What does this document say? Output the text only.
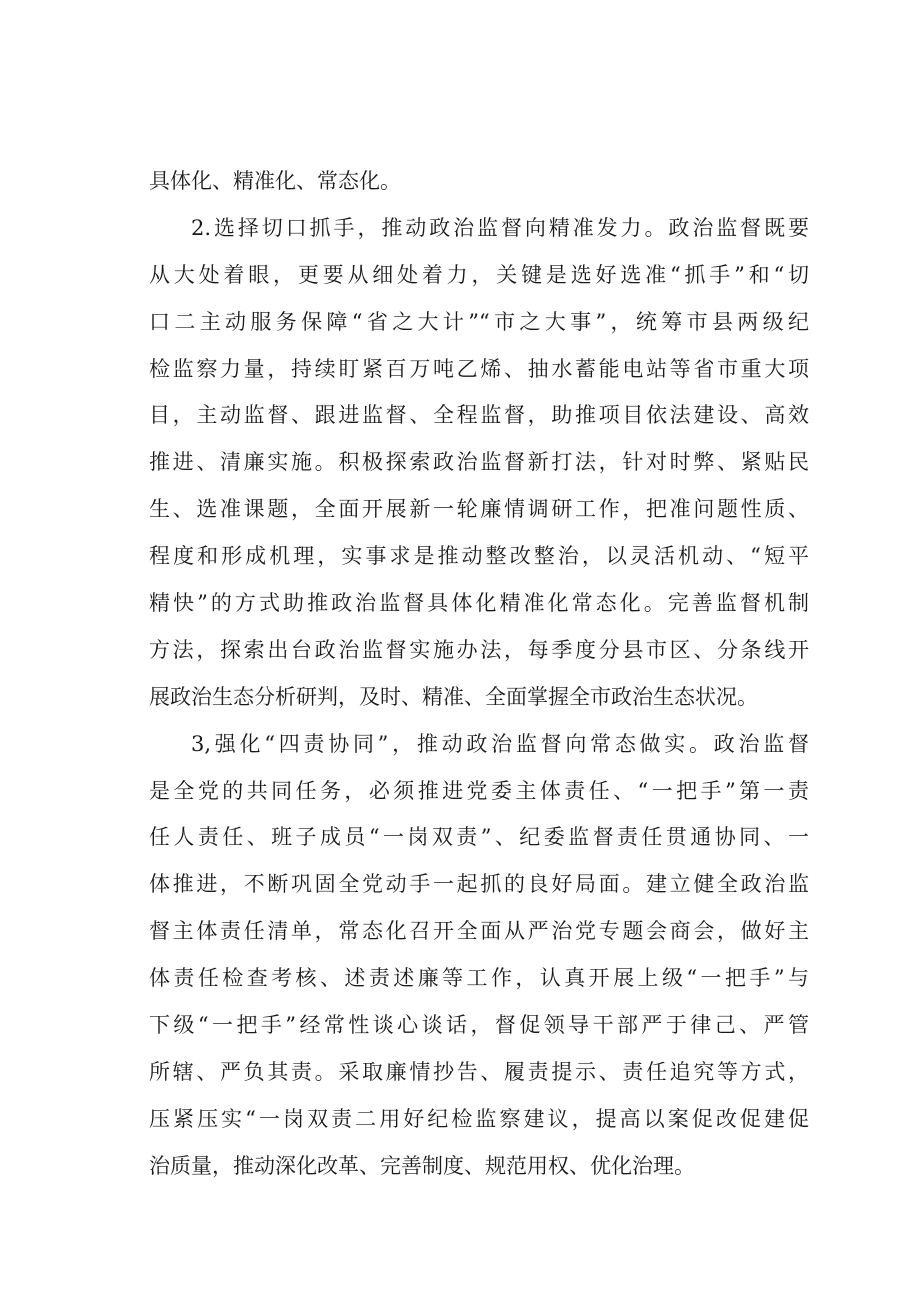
具体化、精准化、常态化。
2.选择切口抓手，推动政治监督向精准发力。政治监督既要
从大处着眼，更要从细处着力，关键是选好选准“抓手”和“切
口二主动服务保障“省之大计”“市之大事”，统筹市县两级纪
检监察力量，持续盯紧百万吨乙烯、抽水蓄能电站等省市重大项
目，主动监督、跟进监督、全程监督，助推项目依法建设、高效
推进、清廉实施。积极探索政治监督新打法，针对时弊、紧贴民
生、选准课题，全面开展新一轮廉情调研工作，把准问题性质、
程度和形成机理，实事求是推动整改整治，以灵活机动、“短平
精快”的方式助推政治监督具体化精准化常态化。完善监督机制
方法，探索出台政治监督实施办法，每季度分县市区、分条线开
展政治生态分析研判，及时、精准、全面掌握全市政治生态状况。
3,强化“四责协同”，推动政治监督向常态做实。政治监督
是全党的共同任务，必须推进党委主体责任、“一把手”第一责
任人责任、班子成员“一岗双责”、纪委监督责任贯通协同、一
体推进，不断巩固全党动手一起抓的良好局面。建立健全政治监
督主体责任清单，常态化召开全面从严治党专题会商会，做好主
体责任检查考核、述责述廉等工作，认真开展上级“一把手”与
下级“一把手”经常性谈心谈话，督促领导干部严于律己、严管
所辖、严负其责。采取廉情抄告、履责提示、责任追究等方式，
压紧压实“一岗双责二用好纪检监察建议，提高以案促改促建促
治质量，推动深化改革、完善制度、规范用权、优化治理。
